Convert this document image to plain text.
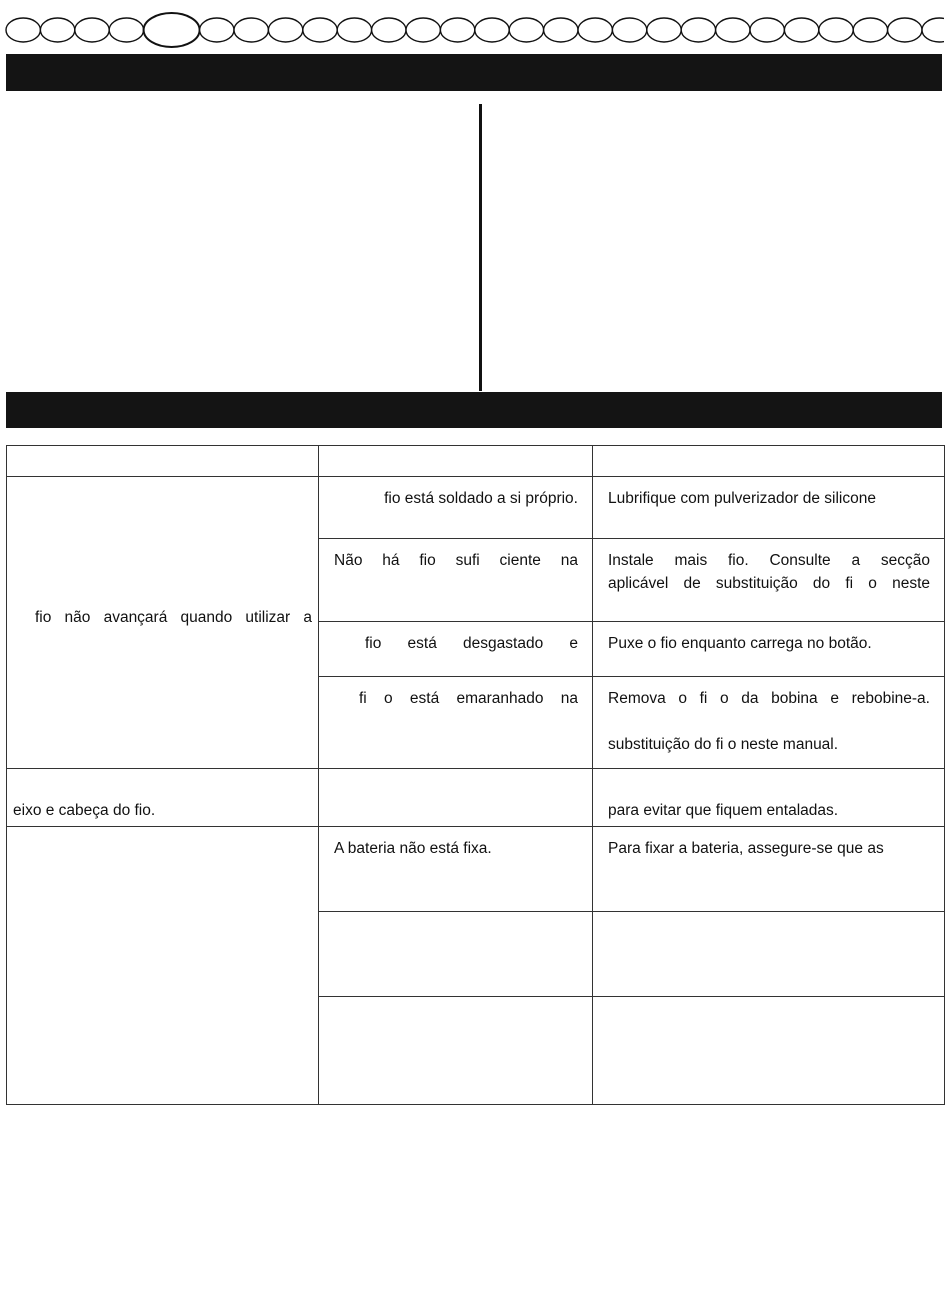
fio não avançará quando utilizar a	fio está soldado a si próprio.	Lubrifique com pulverizador de silicone

	Não há fio sufi ciente na	Instale mais fio. Consulte a secção
aplicável de substituição do fi o neste

	fio está desgastado e	Puxe o fio enquanto carrega no botão.

	fi o está emaranhado na	Remova o fi o da bobina e rebobine-a.
substituição do fi o neste manual.

eixo e cabeça do fio.		para evitar que fiquem entaladas.

	A bateria não está fixa.	Para fixar a bateria, assegure-se que as
